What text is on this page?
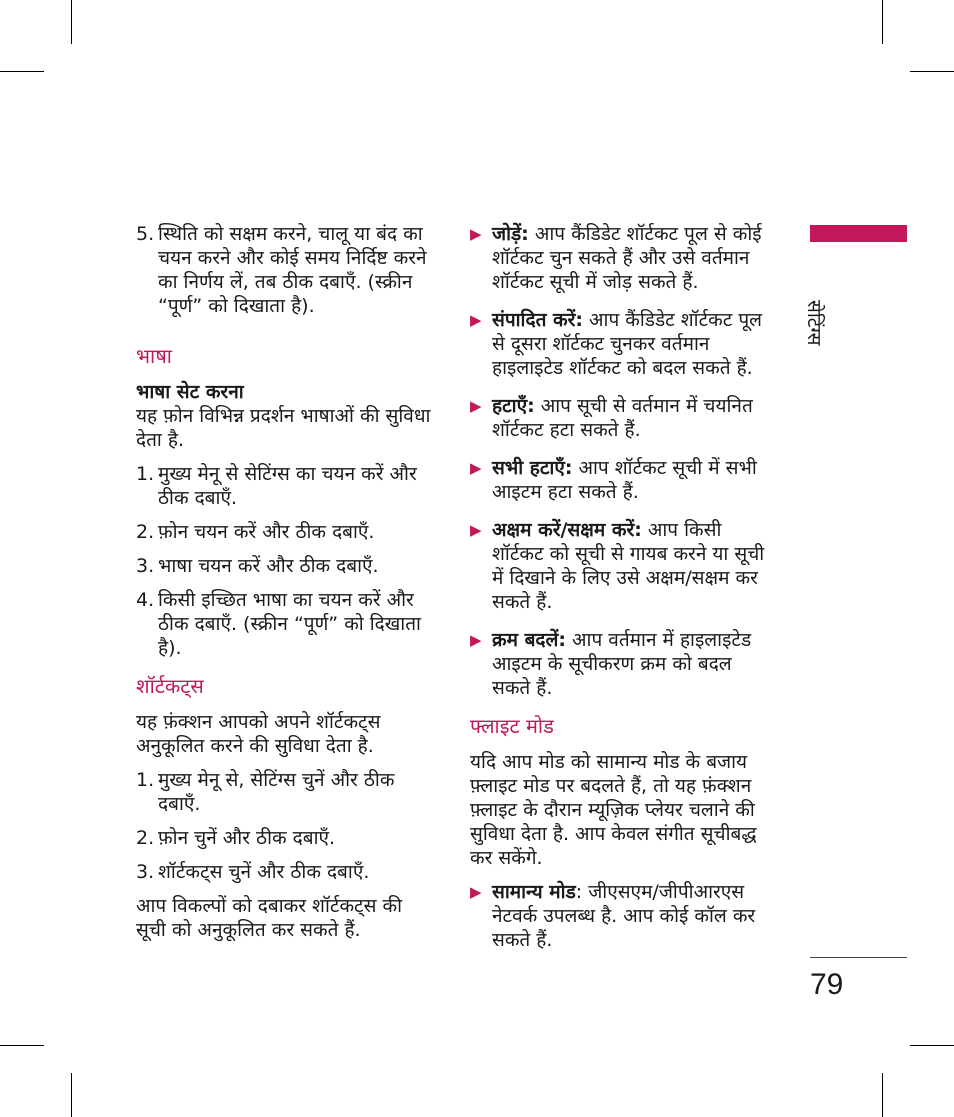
5. स्थिति को सक्षम करने, चालू या बंद का चयन करने और कोई समय निर्दिष्ट करने का निर्णय लें, तब ठीक दबाएँ. (स्क्रीन “पूर्ण” को दिखाता है).

भाषा

भाषा सेट करना

यह फ़ोन विभिन्न प्रदर्शन भाषाओं की सुविधा देता है.

1. मुख्य मेनू से सेटिंग्स का चयन करें और ठीक दबाएँ.
2. फ़ोन चयन करें और ठीक दबाएँ.
3. भाषा चयन करें और ठीक दबाएँ.
4. किसी इच्छित भाषा का चयन करें और ठीक दबाएँ. (स्क्रीन “पूर्ण” को दिखाता है).

शॉर्टकट्स

यह फ़ंक्शन आपको अपने शॉर्टकट्स अनुकूलित करने की सुविधा देता है.

1. मुख्य मेनू से, सेटिंग्स चुनें और ठीक दबाएँ.
2. फ़ोन चुनें और ठीक दबाएँ.
3. शॉर्टकट्स चुनें और ठीक दबाएँ.

आप विकल्पों को दबाकर शॉर्टकट्स की सूची को अनुकूलित कर सकते हैं.

▶ जोड़ें: आप कैंडिडेट शॉर्टकट पूल से कोई शॉर्टकट चुन सकते हैं और उसे वर्तमान शॉर्टकट सूची में जोड़ सकते हैं.
▶ संपादित करें: आप कैंडिडेट शॉर्टकट पूल से दूसरा शॉर्टकट चुनकर वर्तमान हाइलाइटेड शॉर्टकट को बदल सकते हैं.
▶ हटाएँ: आप सूची से वर्तमान में चयनित शॉर्टकट हटा सकते हैं.
▶ सभी हटाएँ: आप शॉर्टकट सूची में सभी आइटम हटा सकते हैं.
▶ अक्षम करें/सक्षम करें: आप किसी शॉर्टकट को सूची से गायब करने या सूची में दिखाने के लिए उसे अक्षम/सक्षम कर सकते हैं.
▶ क्रम बदलें: आप वर्तमान में हाइलाइटेड आइटम के सूचीकरण क्रम को बदल सकते हैं.

फ्लाइट मोड

यदि आप मोड को सामान्य मोड के बजाय फ़्लाइट मोड पर बदलते हैं, तो यह फ़ंक्शन फ़्लाइट के दौरान म्यूज़िक प्लेयर चलाने की सुविधा देता है. आप केवल संगीत सूचीबद्ध कर सकेंगे.

▶ सामान्य मोड: जीएसएम/जीपीआरएस नेटवर्क उपलब्ध है. आप कोई कॉल कर सकते हैं.
सेटिंग्स
79
